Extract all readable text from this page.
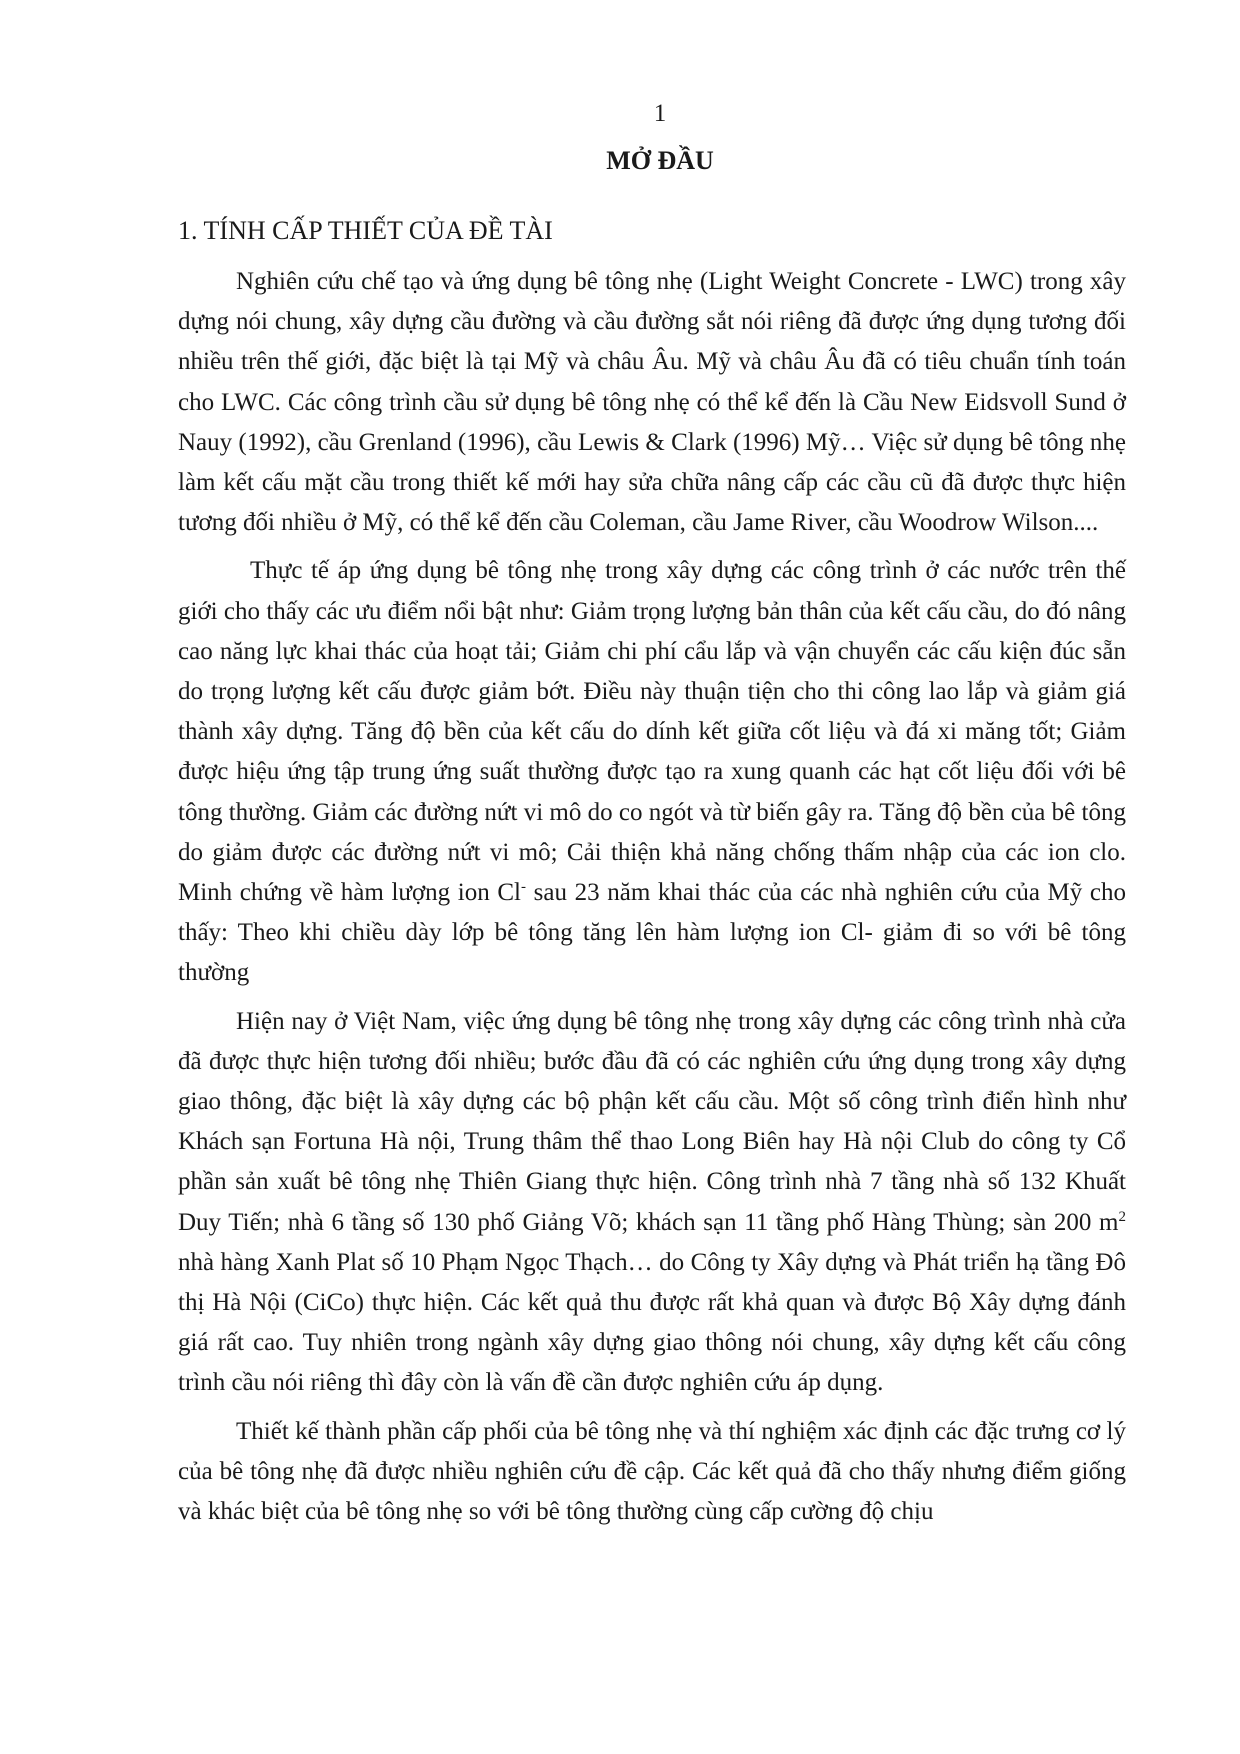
1
MỞ ĐẦU
1. TÍNH CẤP THIẾT CỦA ĐỀ TÀI

Nghiên cứu chế tạo và ứng dụng bê tông nhẹ (Light Weight Concrete - LWC) trong xây dựng nói chung, xây dựng cầu đường và cầu đường sắt nói riêng đã được ứng dụng tương đối nhiều trên thế giới, đặc biệt là tại Mỹ và châu Âu. Mỹ và châu Âu đã có tiêu chuẩn tính toán cho LWC. Các công trình cầu sử dụng bê tông nhẹ có thể kể đến là Cầu New Eidsvoll Sund ở Nauy (1992), cầu Grenland (1996), cầu Lewis & Clark (1996) Mỹ… Việc sử dụng bê tông nhẹ làm kết cấu mặt cầu trong thiết kế mới hay sửa chữa nâng cấp các cầu cũ đã được thực hiện tương đối nhiều ở Mỹ, có thể kể đến cầu Coleman, cầu Jame River, cầu Woodrow Wilson....

Thực tế áp ứng dụng bê tông nhẹ trong xây dựng các công trình ở các nước trên thế giới cho thấy các ưu điểm nổi bật như: Giảm trọng lượng bản thân của kết cấu cầu, do đó nâng cao năng lực khai thác của hoạt tải; Giảm chi phí cẩu lắp và vận chuyển các cấu kiện đúc sẵn do trọng lượng kết cấu được giảm bớt. Điều này thuận tiện cho thi công lao lắp và giảm giá thành xây dựng. Tăng độ bền của kết cấu do dính kết giữa cốt liệu và đá xi măng tốt; Giảm được hiệu ứng tập trung ứng suất thường được tạo ra xung quanh các hạt cốt liệu đối với bê tông thường. Giảm các đường nứt vi mô do co ngót và từ biến gây ra. Tăng độ bền của bê tông do giảm được các đường nứt vi mô; Cải thiện khả năng chống thấm nhập của các ion clo. Minh chứng về hàm lượng ion Cl- sau 23 năm khai thác của các nhà nghiên cứu của Mỹ cho thấy: Theo khi chiều dày lớp bê tông tăng lên hàm lượng ion Cl- giảm đi so với bê tông thường

Hiện nay ở Việt Nam, việc ứng dụng bê tông nhẹ trong xây dựng các công trình nhà cửa đã được thực hiện tương đối nhiều; bước đầu đã có các nghiên cứu ứng dụng trong xây dựng giao thông, đặc biệt là xây dựng các bộ phận kết cấu cầu. Một số công trình điển hình như Khách sạn Fortuna Hà nội, Trung thâm thể thao Long Biên hay Hà nội Club do công ty Cổ phần sản xuất bê tông nhẹ Thiên Giang thực hiện. Công trình nhà 7 tầng nhà số 132 Khuất Duy Tiến; nhà 6 tầng số 130 phố Giảng Võ; khách sạn 11 tầng phố Hàng Thùng; sàn 200 $m^2$ nhà hàng Xanh Plat số 10 Phạm Ngọc Thạch… do Công ty Xây dựng và Phát triển hạ tầng Đô thị Hà Nội (CiCo) thực hiện. Các kết quả thu được rất khả quan và được Bộ Xây dựng đánh giá rất cao. Tuy nhiên trong ngành xây dựng giao thông nói chung, xây dựng kết cấu công trình cầu nói riêng thì đây còn là vấn đề cần được nghiên cứu áp dụng.

Thiết kế thành phần cấp phối của bê tông nhẹ và thí nghiệm xác định các đặc trưng cơ lý của bê tông nhẹ đã được nhiều nghiên cứu đề cập. Các kết quả đã cho thấy nhưng điểm giống và khác biệt của bê tông nhẹ so với bê tông thường cùng cấp cường độ chịu
